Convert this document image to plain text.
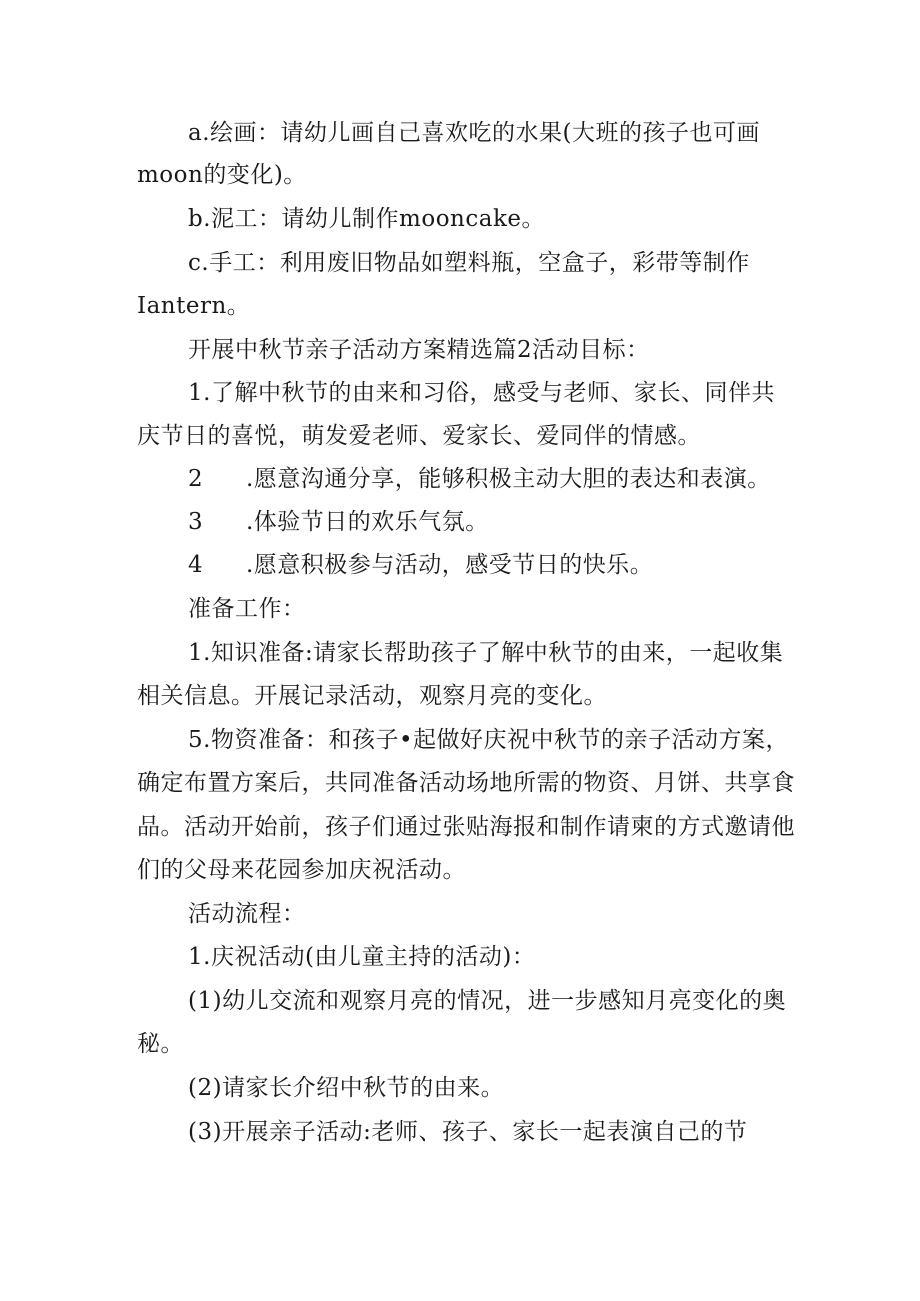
a.绘画：请幼儿画自己喜欢吃的水果(大班的孩子也可画
moon的变化)。
b.泥工：请幼儿制作mooncake。
c.手工：利用废旧物品如塑料瓶，空盒子，彩带等制作
Iantern。
开展中秋节亲子活动方案精选篇2活动目标：
1.了解中秋节的由来和习俗，感受与老师、家长、同伴共
庆节日的喜悦，萌发爱老师、爱家长、爱同伴的情感。
2 .愿意沟通分享，能够积极主动大胆的表达和表演。
3 .体验节日的欢乐气氛。
4 .愿意积极参与活动，感受节日的快乐。
准备工作：
1.知识准备:请家长帮助孩子了解中秋节的由来，一起收集
相关信息。开展记录活动，观察月亮的变化。
5.物资准备：和孩子•起做好庆祝中秋节的亲子活动方案，
确定布置方案后，共同准备活动场地所需的物资、月饼、共享食
品。活动开始前，孩子们通过张贴海报和制作请柬的方式邀请他
们的父母来花园参加庆祝活动。
活动流程：
1.庆祝活动(由儿童主持的活动)：
(1)幼儿交流和观察月亮的情况，进一步感知月亮变化的奥
秘。
(2)请家长介绍中秋节的由来。
(3)开展亲子活动:老师、孩子、家长一起表演自己的节
